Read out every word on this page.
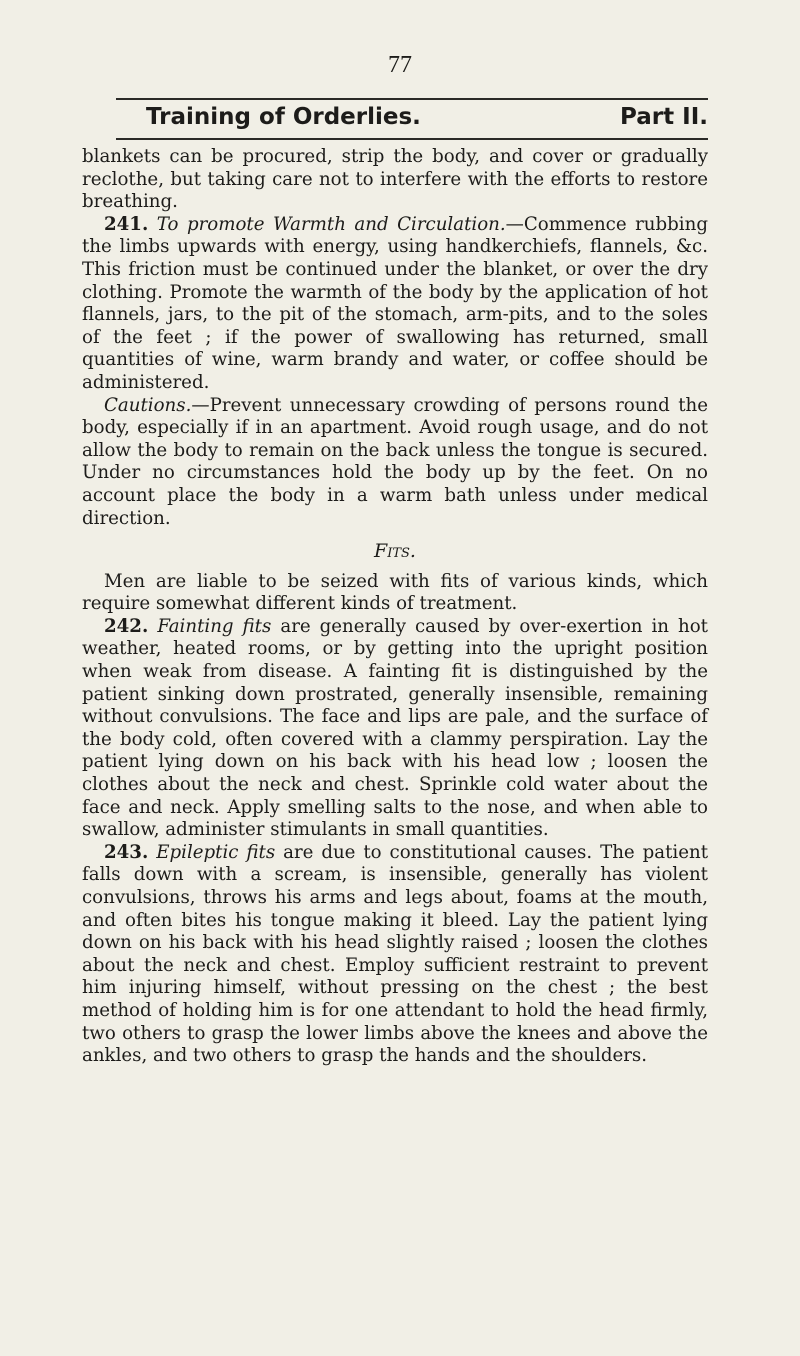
77
Training of Orderlies.	Part II.

blankets can be procured, strip the body, and cover or gradually reclothe, but taking care not to interfere with the efforts to restore breathing.

241. To promote Warmth and Circulation.—Commence rubbing the limbs upwards with energy, using handkerchiefs, flannels, &c. This friction must be continued under the blanket, or over the dry clothing. Promote the warmth of the body by the application of hot flannels, jars, to the pit of the stomach, arm-pits, and to the soles of the feet ; if the power of swallowing has returned, small quantities of wine, warm brandy and water, or coffee should be administered.

Cautions.—Prevent unnecessary crowding of persons round the body, especially if in an apartment. Avoid rough usage, and do not allow the body to remain on the back unless the tongue is secured. Under no circumstances hold the body up by the feet. On no account place the body in a warm bath unless under medical direction.

Fits.

Men are liable to be seized with fits of various kinds, which require somewhat different kinds of treatment.

242. Fainting fits are generally caused by over-exertion in hot weather, heated rooms, or by getting into the upright position when weak from disease. A fainting fit is distinguished by the patient sinking down prostrated, generally insensible, remaining without convulsions. The face and lips are pale, and the surface of the body cold, often covered with a clammy perspiration. Lay the patient lying down on his back with his head low ; loosen the clothes about the neck and chest. Sprinkle cold water about the face and neck. Apply smelling salts to the nose, and when able to swallow, administer stimulants in small quantities.

243. Epileptic fits are due to constitutional causes. The patient falls down with a scream, is insensible, generally has violent convulsions, throws his arms and legs about, foams at the mouth, and often bites his tongue making it bleed. Lay the patient lying down on his back with his head slightly raised ; loosen the clothes about the neck and chest. Employ sufficient restraint to prevent him injuring himself, without pressing on the chest ; the best method of holding him is for one attendant to hold the head firmly, two others to grasp the lower limbs above the knees and above the ankles, and two others to grasp the hands and the shoulders.
